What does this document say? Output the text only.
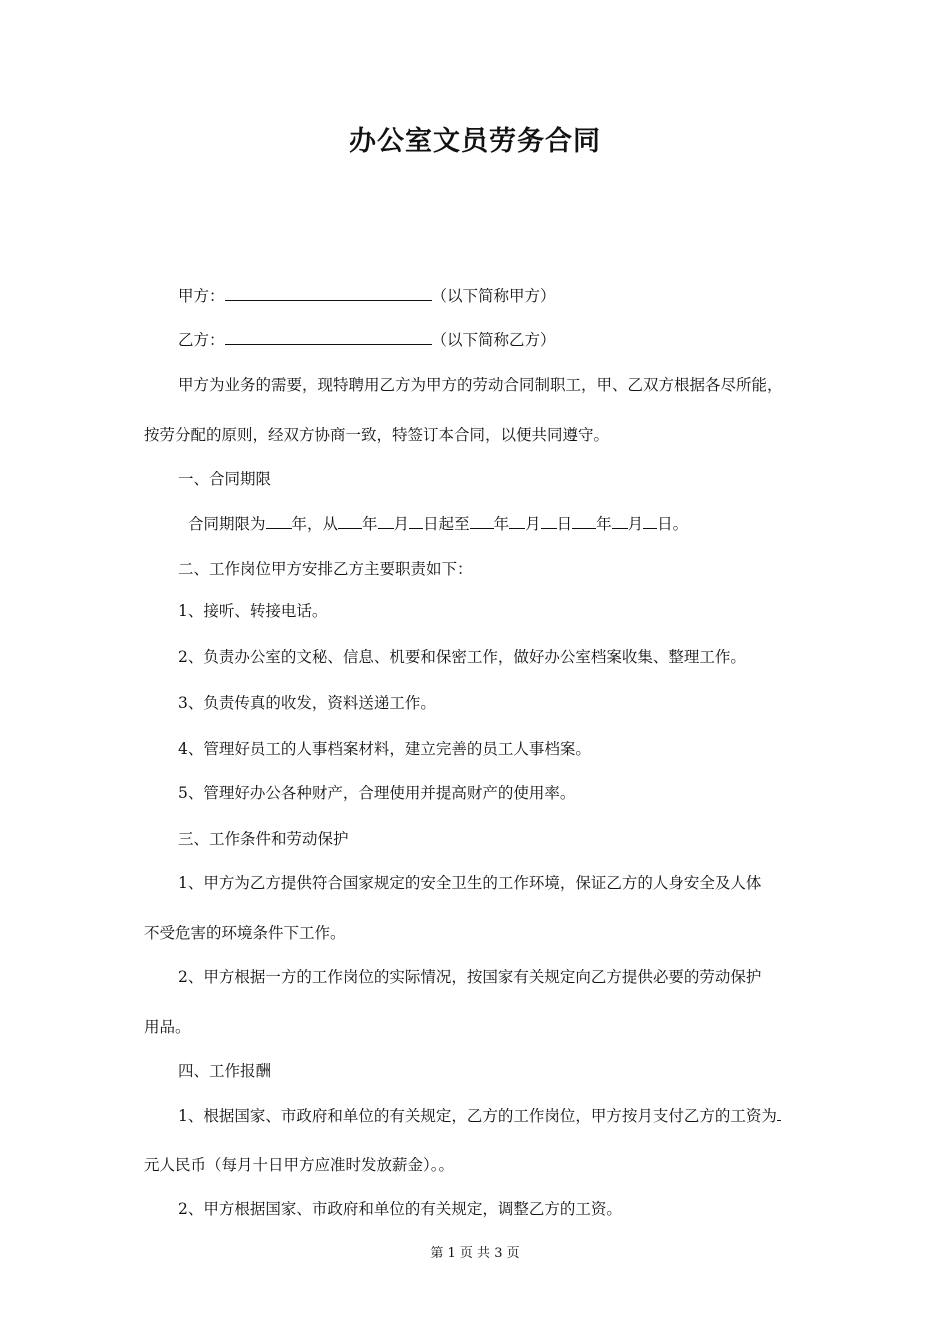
办公室文员劳务合同
甲方：	（以下简称甲方）
乙方：	（以下简称乙方）
甲方为业务的需要，现特聘用乙方为甲方的劳动合同制职工，甲、乙双方根据各尽所能，
按劳分配的原则，经双方协商一致，特签订本合同，以便共同遵守。
一、合同期限
合同期限为 年，从 年 月 日起至 年 月 日 年 月 日。
二、工作岗位甲方安排乙方主要职责如下：
1、接听、转接电话。
2、负责办公室的文秘、信息、机要和保密工作，做好办公室档案收集、整理工作。
3、负责传真的收发，资料送递工作。
4、管理好员工的人事档案材料，建立完善的员工人事档案。
5、管理好办公各种财产，合理使用并提高财产的使用率。
三、工作条件和劳动保护
1、甲方为乙方提供符合国家规定的安全卫生的工作环境，保证乙方的人身安全及人体
不受危害的环境条件下工作。
2、甲方根据一方的工作岗位的实际情况，按国家有关规定向乙方提供必要的劳动保护
用品。
四、工作报酬
1、根据国家、市政府和单位的有关规定，乙方的工作岗位，甲方按月支付乙方的工资为
元人民币（每月十日甲方应准时发放薪金）。。
2、甲方根据国家、市政府和单位的有关规定，调整乙方的工资。
第 1 页 共 3 页
